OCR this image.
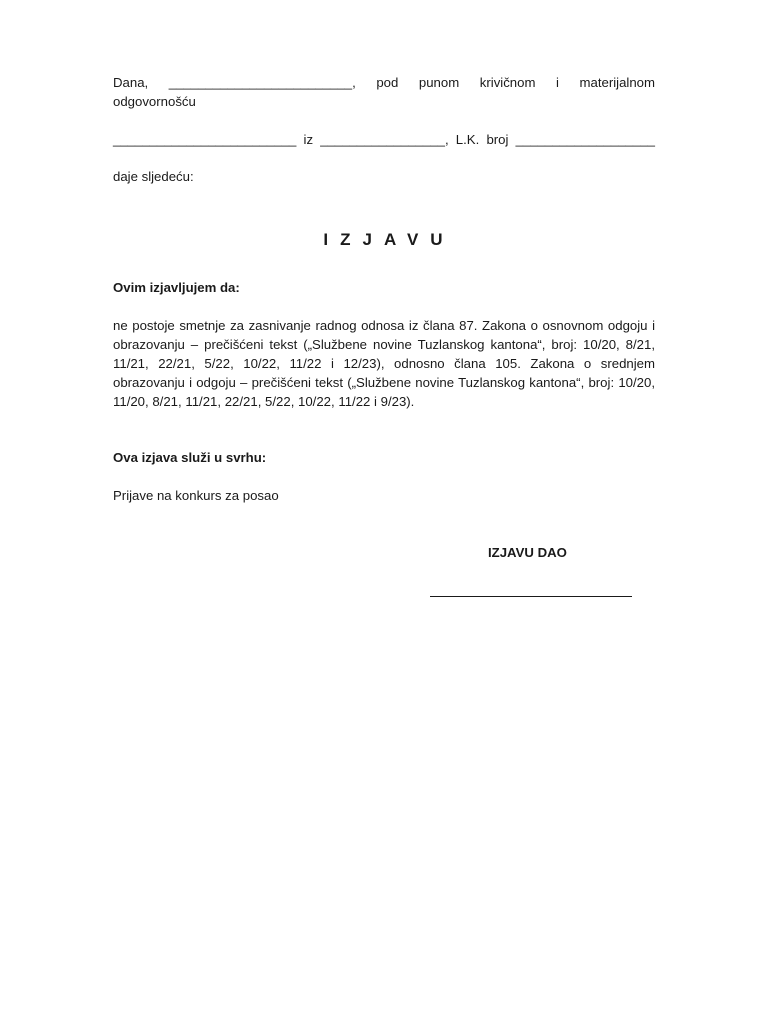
Dana, _________________________, pod punom krivičnom i materijalnom
odgovornošću
_________________________ iz _________________, L.K. broj ___________________
daje sljedeću:
IZJAVU
Ovim izjavljujem da:
ne postoje smetnje za zasnivanje radnog odnosa iz člana 87. Zakona o osnovnom odgoju i obrazovanju – prečišćeni tekst („Službene novine Tuzlanskog kantona“, broj: 10/20, 8/21, 11/21, 22/21, 5/22, 10/22, 11/22 i 12/23), odnosno člana 105. Zakona o srednjem obrazovanju i odgoju – prečišćeni tekst („Službene novine Tuzlanskog kantona“, broj: 10/20, 11/20, 8/21, 11/21, 22/21, 5/22, 10/22, 11/22 i 9/23).
Ova izjava služi u svrhu:
Prijave na konkurs za posao
IZJAVU DAO
